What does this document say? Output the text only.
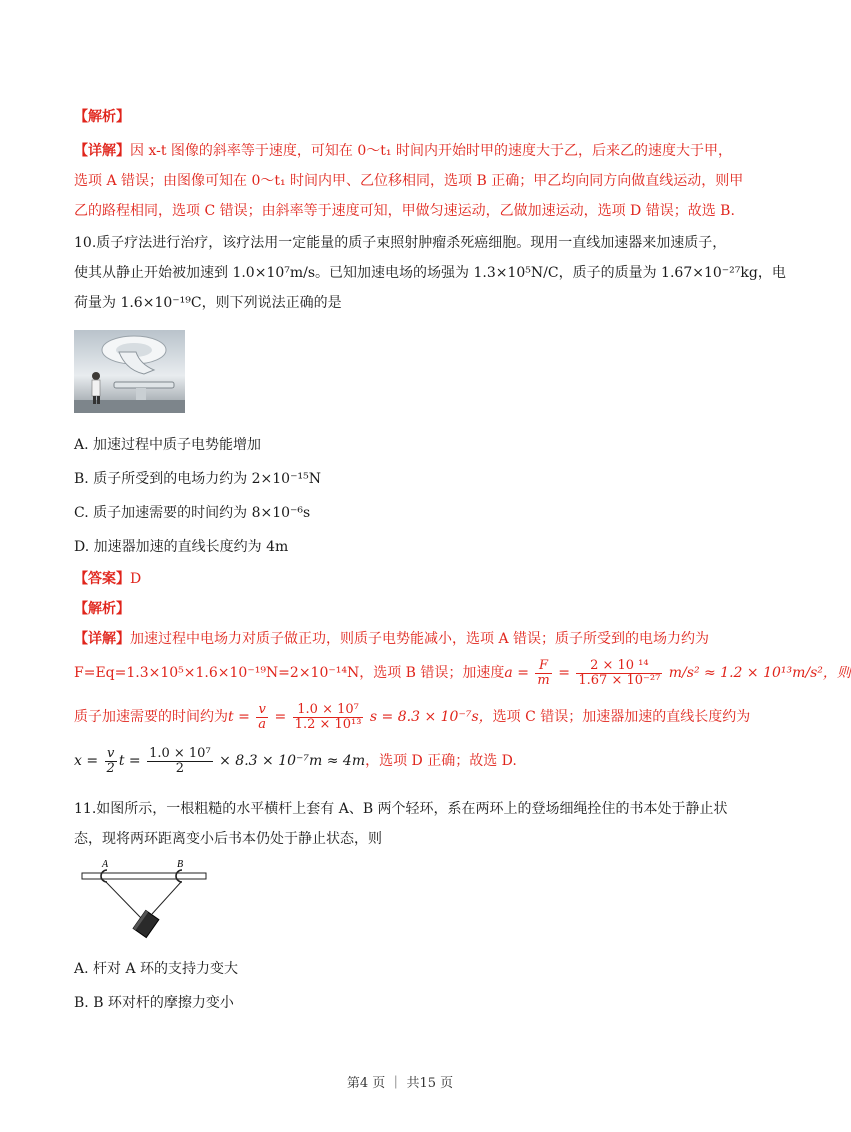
【解析】
【详解】因 x-t 图像的斜率等于速度，可知在 0～t₁ 时间内开始时甲的速度大于乙，后来乙的速度大于甲，
选项 A 错误；由图像可知在 0～t₁ 时间内甲、乙位移相同，选项 B 正确；甲乙均向同方向做直线运动，则甲
乙的路程相同，选项 C 错误；由斜率等于速度可知，甲做匀速运动，乙做加速运动，选项 D 错误；故选 B.
10.质子疗法进行治疗，该疗法用一定能量的质子束照射肿瘤杀死癌细胞。现用一直线加速器来加速质子，
使其从静止开始被加速到 1.0×10⁷m/s。已知加速电场的场强为 1.3×10⁵N/C，质子的质量为 1.67×10⁻²⁷kg，电
荷量为 1.6×10⁻¹⁹C，则下列说法正确的是
A. 加速过程中质子电势能增加
B. 质子所受到的电场力约为 2×10⁻¹⁵N
C. 质子加速需要的时间约为 8×10⁻⁶s
D. 加速器加速的直线长度约为 4m
【答案】D
【解析】
【详解】加速过程中电场力对质子做正功，则质子电势能减小，选项 A 错误；质子所受到的电场力约为
F=Eq=1.3×10⁵×1.6×10⁻¹⁹N=2×10⁻¹⁴N，选项 B 错误；加速度$a = \frac{F}{m} = \frac{\text{2 × 10 ¹⁴}}{\text{1.67 × 10⁻²⁷}} m/s^2 \approx 1.2 \times 10^{13}m/s^2$，则
质子加速需要的时间约为$t = \frac{v}{a} = \frac{\text{1.0 × 10⁷}}{\text{1.2 × 10¹³}}$ s = 8.3 × 10⁻⁷s，选项 C 错误；加速器加速的直线长度约为
$x = \frac{v}{2}$ $t = \frac{\text{1.0 × 10⁷}}{2} \times 8.3 \times 10^{-7}m \approx 4m$，选项 D 正确；故选 D.
11.如图所示，一根粗糙的水平横杆上套有 A、B 两个轻环，系在两环上的登场细绳拴住的书本处于静止状
态，现将两环距离变小后书本仍处于静止状态，则
A	B
A. 杆对 A 环的支持力变大
B. B 环对杆的摩擦力变小
第4 页 ｜ 共15 页
